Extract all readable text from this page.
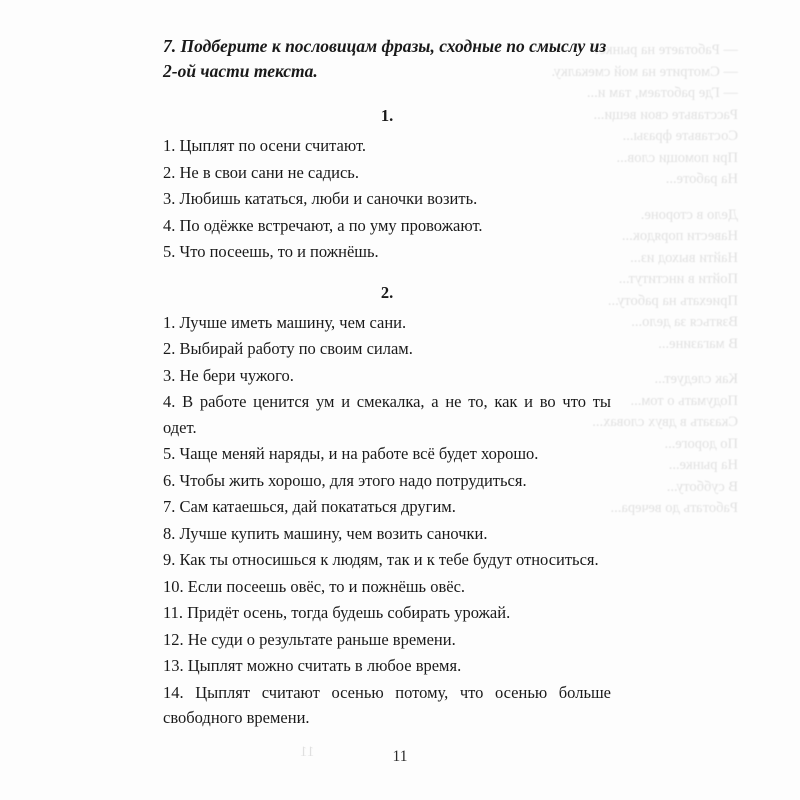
— Работаете на рынке?
— Смотрите на мой смекалку.
— Где работаем, там и...
Расставьте свои вещи...
Составьте фразы...
При помощи слов...
На работе...
Дело в стороне.
Навести порядок...
Найти выход из...
Пойти в институт...
Приехать на работу...
Взяться за дело...
В магазине...
Как следует...
Подумать о том...
Сказать в двух словах...
По дороге...
На рынке...
В субботу...
Работать до вечера...

7. Подберите к пословицам фразы, сходные по смыслу из 2-ой части текста.

1.
1. Цыплят по осени считают.
2. Не в свои сани не садись.
3. Любишь кататься, люби и саночки возить.
4. По одёжке встречают, а по уму провожают.
5. Что посеешь, то и пожнёшь.
2.
1. Лучше иметь машину, чем сани.
2. Выбирай работу по своим силам.
3. Не бери чужого.
4. В работе ценится ум и смекалка, а не то, как и во что ты одет.
5. Чаще меняй наряды, и на работе всё будет хорошо.
6. Чтобы жить хорошо, для этого надо потрудиться.
7. Сам катаешься, дай покататься другим.
8. Лучше купить машину, чем возить саночки.
9. Как ты относишься к людям, так и к тебе будут относиться.
10. Если посеешь овёс, то и пожнёшь овёс.
11. Придёт осень, тогда будешь собирать урожай.
12. Не суди о результате раньше времени.
13. Цыплят можно считать в любое время.
14. Цыплят считают осенью потому, что осенью больше свободного времени.
11	11
